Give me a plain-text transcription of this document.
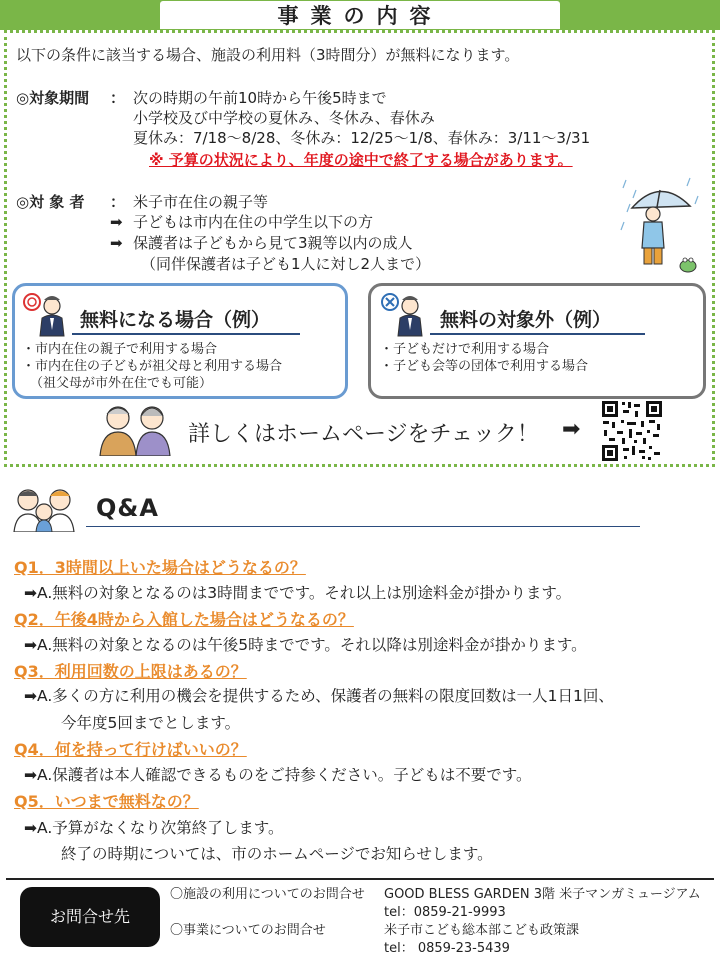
事業の内容
以下の条件に該当する場合、施設の利用料（3時間分）が無料になります。
◎対象期間 ： 次の時期の午前10時から午後5時まで
小学校及び中学校の夏休み、冬休み、春休み
夏休み：7/18〜8/28、冬休み：12/25〜1/8、春休み：3/11〜3/31
※ 予算の状況により、年度の途中で終了する場合があります。
◎対 象 者 ： 米子市在住の親子等
➡ 子どもは市内在住の中学生以下の方
➡ 保護者は子どもから見て3親等以内の成人
（同伴保護者は子ども1人に対し2人まで）
無料になる場合（例）
・市内在住の親子で利用する場合
・市内在住の子どもが祖父母と利用する場合
（祖父母が市外在住でも可能）
無料の対象外（例）
・子どもだけで利用する場合
・子ども会等の団体で利用する場合
詳しくはホームページをチェック！ ➡
Q&A
Q1．3時間以上いた場合はどうなるの？
➡A.無料の対象となるのは3時間までです。それ以上は別途料金が掛かります。
Q2．午後4時から入館した場合はどうなるの？
➡A.無料の対象となるのは午後5時までです。それ以降は別途料金が掛かります。
Q3．利用回数の上限はあるの？
➡A.多くの方に利用の機会を提供するため、保護者の無料の限度回数は一人1日1回、
今年度5回までとします。
Q4．何を持って行けばいいの？
➡A.保護者は本人確認できるものをご持参ください。子どもは不要です。
Q5．いつまで無料なの？
➡A.予算がなくなり次第終了します。
終了の時期については、市のホームページでお知らせします。
お問合せ先
〇施設の利用についてのお問合せ GOOD BLESS GARDEN 3階 米子マンガミュージアム
tel：0859-21-9993
〇事業についてのお問合せ	米子市こども総本部こども政策課
tel： 0859-23-5439
